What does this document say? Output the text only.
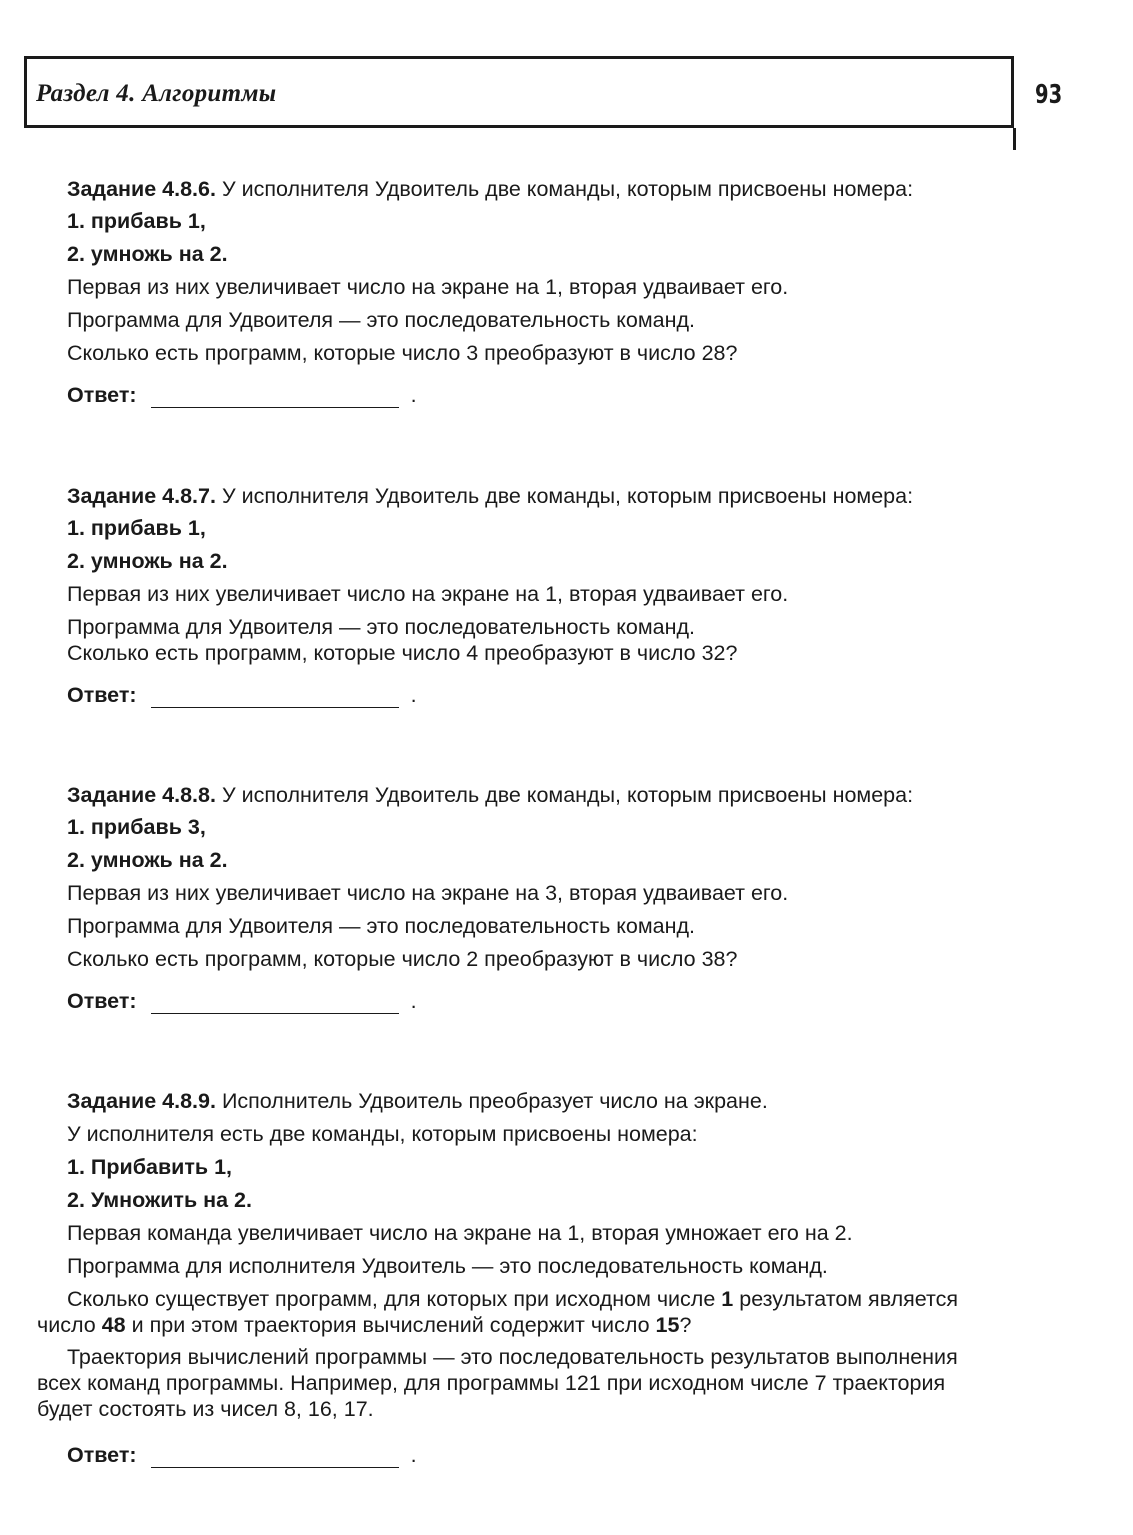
Раздел 4. Алгоритмы	93
Задание 4.8.6. У исполнителя Удвоитель две команды, которым присвоены номера:
1. прибавь 1,
2. умножь на 2.
Первая из них увеличивает число на экране на 1, вторая удваивает его.
Программа для Удвоителя — это последовательность команд.
Сколько есть программ, которые число 3 преобразуют в число 28?
Ответ:	.
Задание 4.8.7. У исполнителя Удвоитель две команды, которым присвоены номера:
1. прибавь 1,
2. умножь на 2.
Первая из них увеличивает число на экране на 1, вторая удваивает его.
Программа для Удвоителя — это последовательность команд.
Сколько есть программ, которые число 4 преобразуют в число 32?
Ответ:	.
Задание 4.8.8. У исполнителя Удвоитель две команды, которым присвоены номера:
1. прибавь 3,
2. умножь на 2.
Первая из них увеличивает число на экране на 3, вторая удваивает его.
Программа для Удвоителя — это последовательность команд.
Сколько есть программ, которые число 2 преобразуют в число 38?
Ответ:	.
Задание 4.8.9. Исполнитель Удвоитель преобразует число на экране.
У исполнителя есть две команды, которым присвоены номера:
1. Прибавить 1,
2. Умножить на 2.
Первая команда увеличивает число на экране на 1, вторая умножает его на 2.
Программа для исполнителя Удвоитель — это последовательность команд.
Сколько существует программ, для которых при исходном числе 1 результатом является число 48 и при этом траектория вычислений содержит число 15?
Траектория вычислений программы — это последовательность результатов выполнения всех команд программы. Например, для программы 121 при исходном числе 7 траектория будет состоять из чисел 8, 16, 17.
Ответ:	.
